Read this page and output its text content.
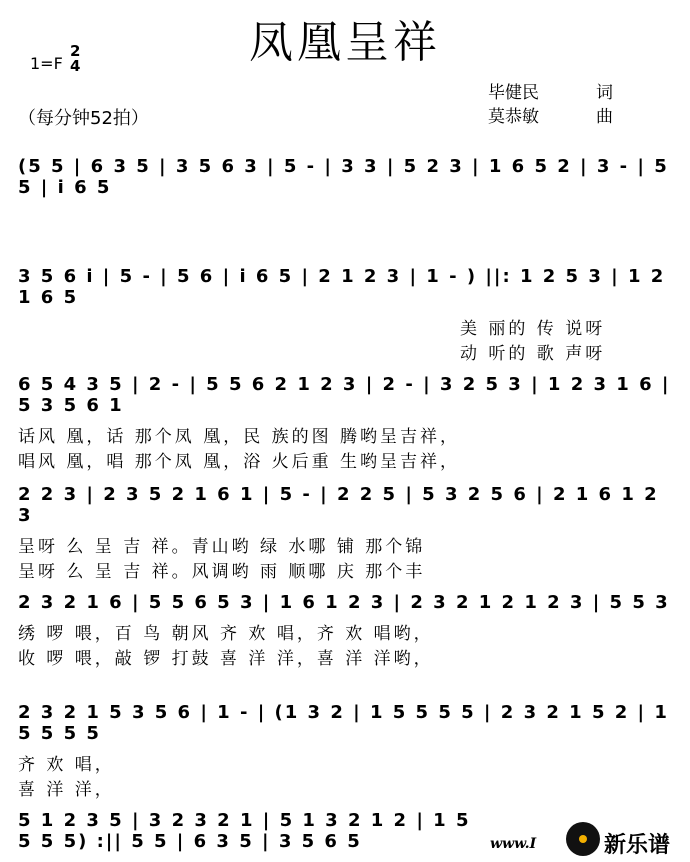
凤凰呈祥
1=F
2
4
（每分钟52拍）
毕健民	词
莫恭敏	曲
(5 5 | 6 3 5 | 3 5 6 3 | 5 - | 3 3 | 5 2 3 | 1 6 5 2 | 3 - | 5 5 | i 6 5
3 5 6 i | 5 - | 5 6 | i 6 5 | 2 1 2 3 | 1 - ) ||: 1 2 5 3 | 1 2 1 6 5
美 丽的 传 说呀
动 听的 歌 声呀
6 5 4 3 5 | 2 - | 5 5 6 2 1 2 3 | 2 - | 3 2 5 3 | 1 2 3 1 6 | 5 3 5 6 1
话风 凰，话 那个凤 凰，民 族的图 腾哟呈吉祥，
唱风 凰，唱 那个凤 凰，浴 火后重 生哟呈吉祥，
2 2 3 | 2 3 5 2 1 6 1 | 5 - | 2 2 5 | 5 3 2 5 6 | 2 1 6 1 2 3
呈呀 么 呈 吉 祥。青山哟 绿 水哪 铺 那个锦
呈呀 么 呈 吉 祥。风调哟 雨 顺哪 庆 那个丰
2 3 2 1 6 | 5 5 6 5 3 | 1 6 1 2 3 | 2 3 2 1 2 1 2 3 | 5 5 3
绣 啰 喂，百 鸟 朝风 齐 欢 唱，齐 欢 唱哟，
收 啰 喂，敲 锣 打鼓 喜 洋 洋，喜 洋 洋哟，
2 3 2 1 5 3 5 6 | 1 - | (1 3 2 | 1 5 5 5 5 | 2 3 2 1 5 2 | 1 5 5 5 5
齐 欢 唱，
喜 洋 洋，
5 1 2 3 5 | 3 2 3 2 1 | 5 1 3 2 1 2 | 1 5 5 5 5) :|| 5 5 | 6 3 5 | 3 5 6 5	www.I	新乐谱
